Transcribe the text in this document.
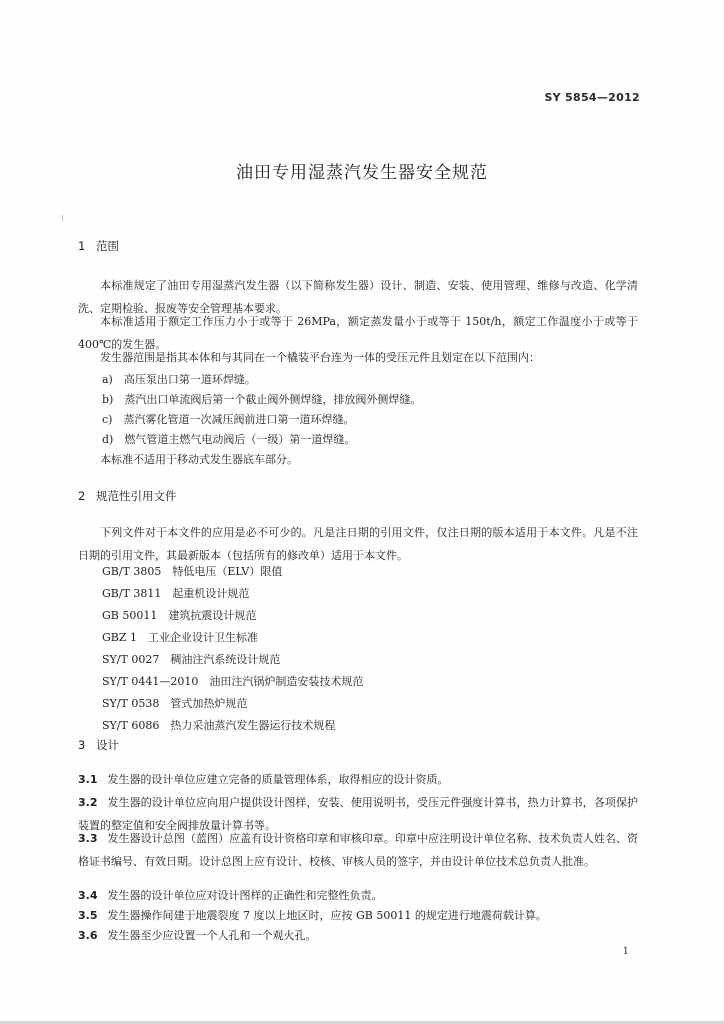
SY 5854—2012
油田专用湿蒸汽发生器安全规范
1 范围
本标准规定了油田专用湿蒸汽发生器（以下简称发生器）设计、制造、安装、使用管理、维修与改造、化学清洗、定期检验、报废等安全管理基本要求。
本标准适用于额定工作压力小于或等于 26MPa，额定蒸发量小于或等于 150t/h，额定工作温度小于或等于 400℃的发生器。
发生器范围是指其本体和与其同在一个橇装平台连为一体的受压元件且划定在以下范围内：
a)　高压泵出口第一道环焊缝。
b)　蒸汽出口单流阀后第一个截止阀外侧焊缝，排放阀外侧焊缝。
c)　蒸汽雾化管道一次减压阀前进口第一道环焊缝。
d)　燃气管道主燃气电动阀后（一级）第一道焊缝。
本标准不适用于移动式发生器底车部分。
2 规范性引用文件
下列文件对于本文件的应用是必不可少的。凡是注日期的引用文件，仅注日期的版本适用于本文件。凡是不注日期的引用文件，其最新版本（包括所有的修改单）适用于本文件。
GB/T 3805　特低电压（ELV）限值
GB/T 3811　起重机设计规范
GB 50011　建筑抗震设计规范
GBZ 1　工业企业设计卫生标准
SY/T 0027　稠油注汽系统设计规范
SY/T 0441—2010　油田注汽锅炉制造安装技术规范
SY/T 0538　管式加热炉规范
SY/T 6086　热力采油蒸汽发生器运行技术规程
3 设计
3.1 发生器的设计单位应建立完备的质量管理体系，取得相应的设计资质。
3.2 发生器的设计单位应向用户提供设计图样，安装、使用说明书，受压元件强度计算书，热力计算书，各项保护装置的整定值和安全阀排放量计算书等。
3.3 发生器设计总图（蓝图）应盖有设计资格印章和审核印章。印章中应注明设计单位名称、技术负责人姓名、资格证书编号、有效日期。设计总图上应有设计、校核、审核人员的签字，并由设计单位技术总负责人批准。
3.4 发生器的设计单位应对设计图样的正确性和完整性负责。
3.5 发生器操作间建于地震裂度 7 度以上地区时，应按 GB 50011 的规定进行地震荷载计算。
3.6 发生器至少应设置一个人孔和一个观火孔。
1
